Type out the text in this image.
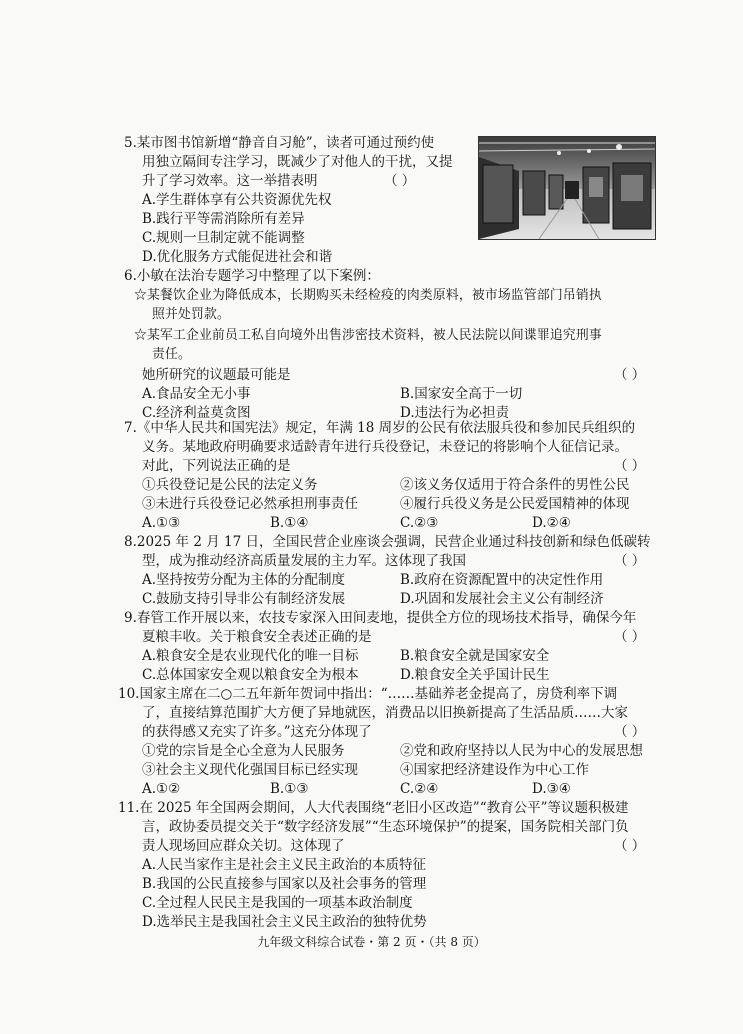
5.某市图书馆新增“静音自习舱”，读者可通过预约使
用独立隔间专注学习，既减少了对他人的干扰，又提
升了学习效率。这一举措表明	（ ）
A.学生群体享有公共资源优先权
B.践行平等需消除所有差异
C.规则一旦制定就不能调整
D.优化服务方式能促进社会和谐
6.小敏在法治专题学习中整理了以下案例：
☆某餐饮企业为降低成本，长期购买未经检疫的肉类原料，被市场监管部门吊销执
照并处罚款。
☆某军工企业前员工私自向境外出售涉密技术资料，被人民法院以间谍罪追究刑事
责任。
她所研究的议题最可能是	（ ）
A.食品安全无小事	B.国家安全高于一切
C.经济利益莫贪图	D.违法行为必担责
7.《中华人民共和国宪法》规定，年满 18 周岁的公民有依法服兵役和参加民兵组织的
义务。某地政府明确要求适龄青年进行兵役登记，未登记的将影响个人征信记录。
对此，下列说法正确的是	（ ）
①兵役登记是公民的法定义务	②该义务仅适用于符合条件的男性公民
③未进行兵役登记必然承担刑事责任	④履行兵役义务是公民爱国精神的体现
A.①③	B.①④	C.②③	D.②④
8.2025 年 2 月 17 日，全国民营企业座谈会强调，民营企业通过科技创新和绿色低碳转
型，成为推动经济高质量发展的主力军。这体现了我国	（ ）
A.坚持按劳分配为主体的分配制度	B.政府在资源配置中的决定性作用
C.鼓励支持引导非公有制经济发展	D.巩固和发展社会主义公有制经济
9.春管工作开展以来，农技专家深入田间麦地，提供全方位的现场技术指导，确保今年
夏粮丰收。关于粮食安全表述正确的是	（ ）
A.粮食安全是农业现代化的唯一目标	B.粮食安全就是国家安全
C.总体国家安全观以粮食安全为根本	D.粮食安全关乎国计民生
10.国家主席在二○二五年新年贺词中指出：“……基础养老金提高了，房贷利率下调
了，直接结算范围扩大方便了异地就医，消费品以旧换新提高了生活品质……大家
的获得感又充实了许多。”这充分体现了	（ ）
①党的宗旨是全心全意为人民服务	②党和政府坚持以人民为中心的发展思想
③社会主义现代化强国目标已经实现	④国家把经济建设作为中心工作
A.①②	B.①③	C.②④	D.③④
11.在 2025 年全国两会期间，人大代表围绕“老旧小区改造”“教育公平”等议题积极建
言，政协委员提交关于“数字经济发展”“生态环境保护”的提案，国务院相关部门负
责人现场回应群众关切。这体现了	（ ）
A.人民当家作主是社会主义民主政治的本质特征
B.我国的公民直接参与国家以及社会事务的管理
C.全过程人民民主是我国的一项基本政治制度
D.选举民主是我国社会主义民主政治的独特优势
九年级文科综合试卷・第 2 页・（共 8 页）
